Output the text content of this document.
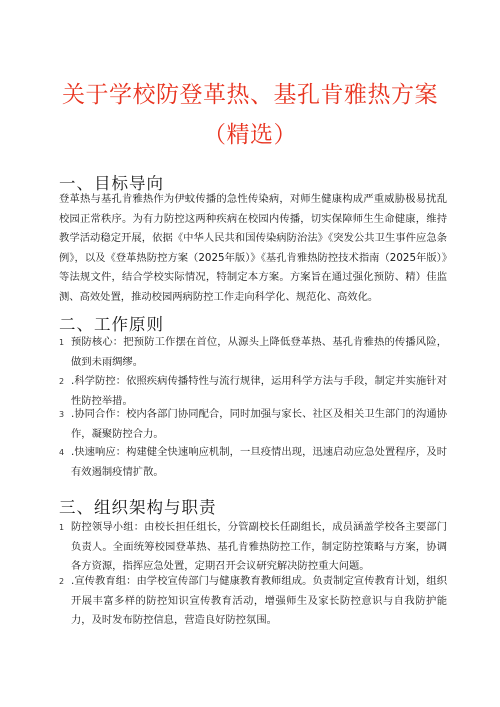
关于学校防登革热、基孔肯雅热方案
（精选）
一、目标导向
登革热与基孔肯雅热作为伊蚊传播的急性传染病，对师生健康构成严重威胁极易扰乱校园正常秩序。为有力防控这两种疾病在校园内传播，切实保障师生生命健康，维持教学活动稳定开展，依据《中华人民共和国传染病防治法》《突发公共卫生事件应急条例》，以及《登革热防控方案（2025年版）》《基孔肯雅热防控技术指南（2025年版）》等法规文件，结合学校实际情况，特制定本方案。方案旨在通过强化预防、精）佳监测、高效处置，推动校园两病防控工作走向科学化、规范化、高效化。
二、工作原则
1 预防核心：把预防工作摆在首位，从源头上降低登革热、基孔肯雅热的传播风险，做到未雨绸缪。
2 .科学防控：依照疾病传播特性与流行规律，运用科学方法与手段，制定并实施针对性防控举措。
3 .协同合作：校内各部门协同配合，同时加强与家长、社区及相关卫生部门的沟通协作，凝聚防控合力。
4 .快速响应：构建健全快速响应机制，一旦疫情出现，迅速启动应急处置程序，及时有效遏制疫情扩散。
三、组织架构与职责
1 防控领导小组：由校长担任组长，分管副校长任副组长，成员涵盖学校各主要部门负责人。全面统筹校园登革热、基孔肯雅热防控工作，制定防控策略与方案，协调各方资源，指挥应急处置，定期召开会议研究解决防控重大问题。
2 .宣传教育组：由学校宣传部门与健康教育教师组成。负责制定宣传教育计划，组织开展丰富多样的防控知识宣传教育活动，增强师生及家长防控意识与自我防护能力，及时发布防控信息，营造良好防控氛围。
